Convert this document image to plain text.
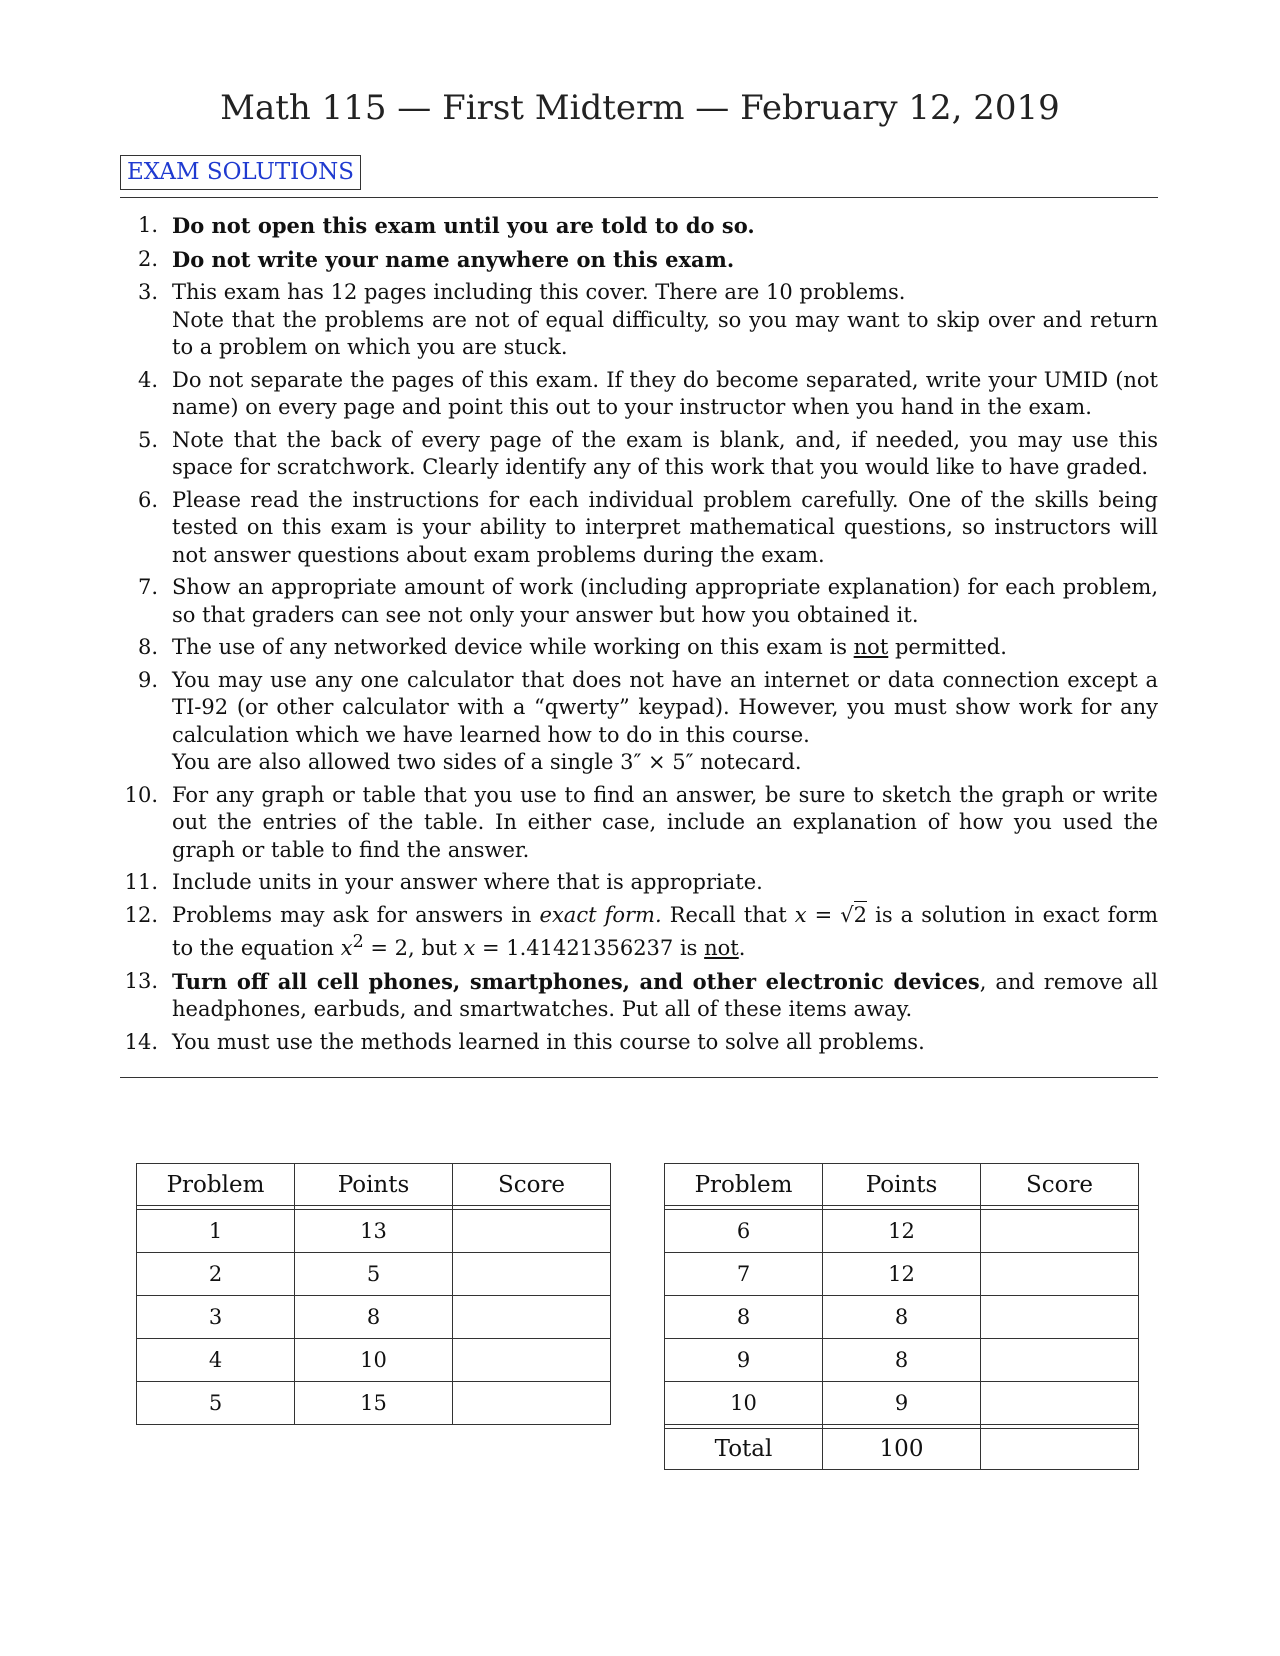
Math 115 — First Midterm — February 12, 2019
EXAM SOLUTIONS
1. Do not open this exam until you are told to do so.
2. Do not write your name anywhere on this exam.
3. This exam has 12 pages including this cover. There are 10 problems.
Note that the problems are not of equal difficulty, so you may want to skip over and return to a problem on which you are stuck.
4. Do not separate the pages of this exam. If they do become separated, write your UMID (not name) on every page and point this out to your instructor when you hand in the exam.
5. Note that the back of every page of the exam is blank, and, if needed, you may use this space for scratchwork. Clearly identify any of this work that you would like to have graded.
6. Please read the instructions for each individual problem carefully. One of the skills being tested on this exam is your ability to interpret mathematical questions, so instructors will not answer questions about exam problems during the exam.
7. Show an appropriate amount of work (including appropriate explanation) for each problem, so that graders can see not only your answer but how you obtained it.
8. The use of any networked device while working on this exam is not permitted.
9. You may use any one calculator that does not have an internet or data connection except a TI-92 (or other calculator with a “qwerty” keypad). However, you must show work for any calculation which we have learned how to do in this course.
You are also allowed two sides of a single 3″ × 5″ notecard.
10. For any graph or table that you use to find an answer, be sure to sketch the graph or write out the entries of the table. In either case, include an explanation of how you used the graph or table to find the answer.
11. Include units in your answer where that is appropriate.
12. Problems may ask for answers in exact form. Recall that x = √2 is a solution in exact form to the equation $x^2 = 2$, but x = 1.41421356237 is not.
13. Turn off all cell phones, smartphones, and other electronic devices, and remove all headphones, earbuds, and smartwatches. Put all of these items away.
14. You must use the methods learned in this course to solve all problems.
Problem	Points	Score

1	13	
2	5	
3	8	
4	10	
5	15	
Problem	Points	Score

6	12	
7	12	
8	8	
9	8	
10	9	

Total	100	
